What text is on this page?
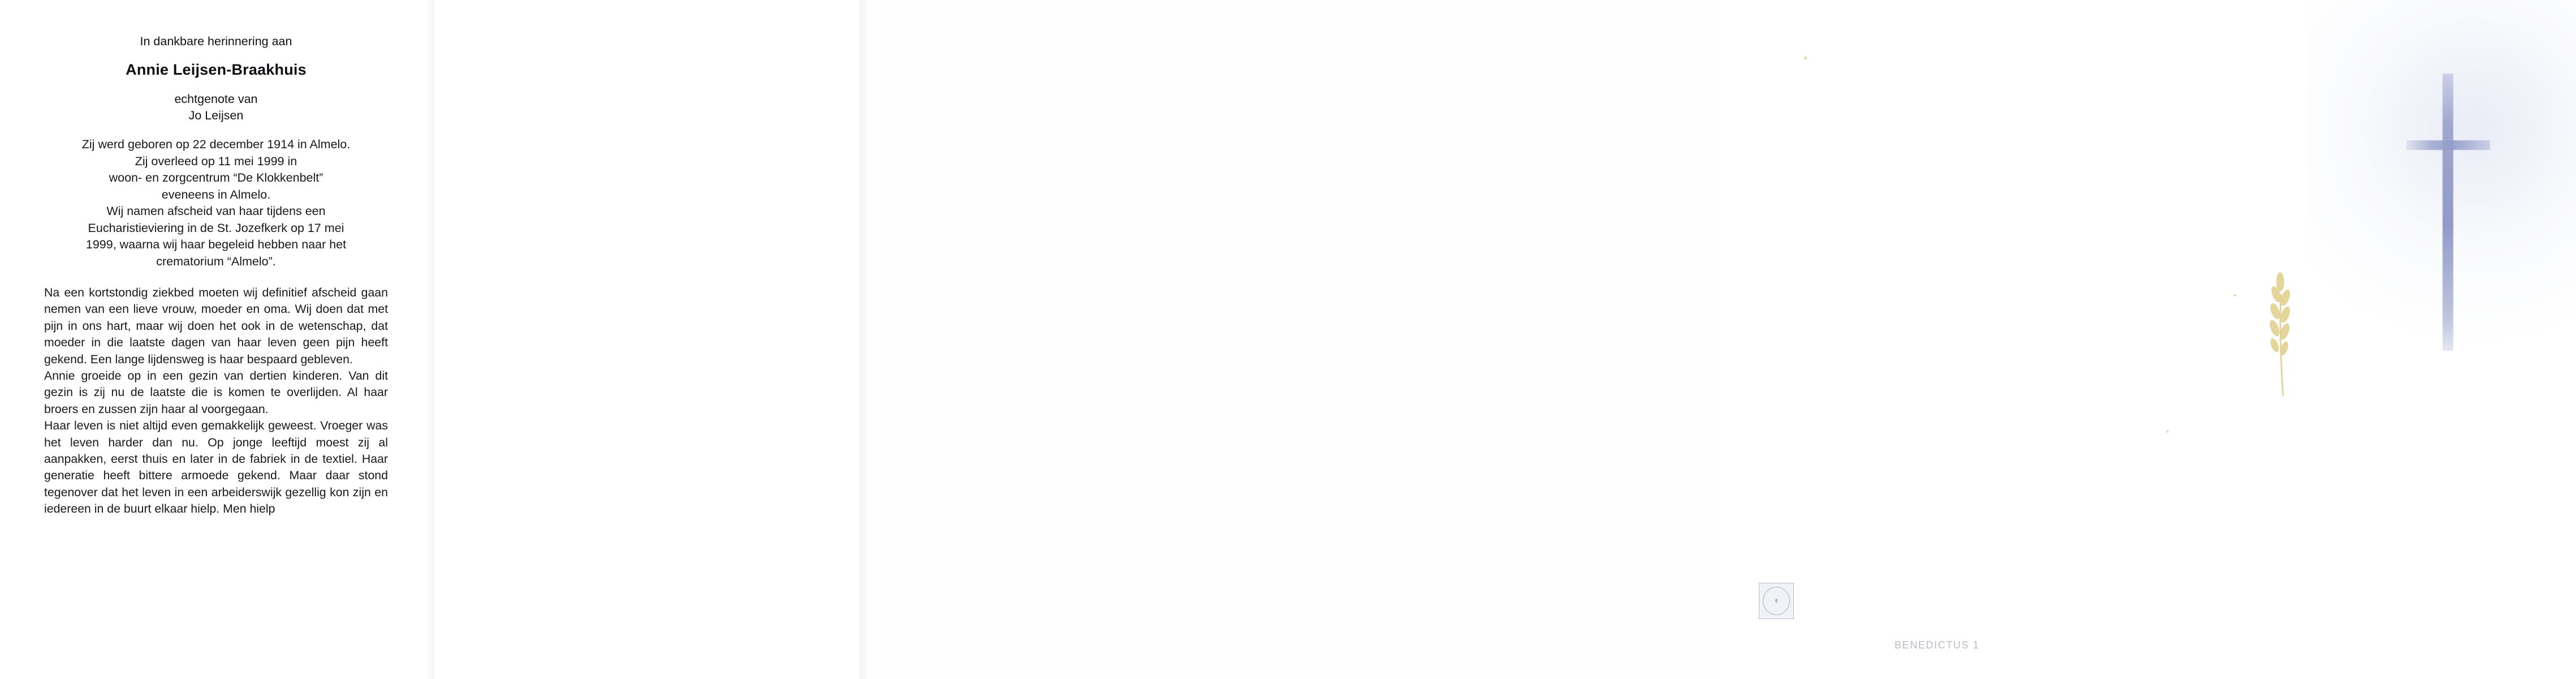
In dankbare herinnering aan
Annie Leijsen-Braakhuis
echtgenote van
Jo Leijsen
Zij werd geboren op 22 december 1914 in Almelo.
Zij overleed op 11 mei 1999 in
woon- en zorgcentrum “De Klokkenbelt”
eveneens in Almelo.
Wij namen afscheid van haar tijdens een
Eucharistieviering in de St. Jozefkerk op 17 mei
1999, waarna wij haar begeleid hebben naar het
crematorium “Almelo”.

Na een kortstondig ziekbed moeten wij definitief afscheid gaan nemen van een lieve vrouw, moeder en oma. Wij doen dat met pijn in ons hart, maar wij doen het ook in de wetenschap, dat moeder in die laatste dagen van haar leven geen pijn heeft gekend. Een lange lijdensweg is haar bespaard gebleven.

Annie groeide op in een gezin van dertien kinderen. Van dit gezin is zij nu de laatste die is komen te overlijden. Al haar broers en zussen zijn haar al voorgegaan.

Haar leven is niet altijd even gemakkelijk geweest. Vroeger was het leven harder dan nu. Op jonge leeftijd moest zij al aanpakken, eerst thuis en later in de fabriek in de textiel. Haar generatie heeft bittere armoede gekend. Maar daar stond tegenover dat het leven in een arbeiderswijk gezellig kon zijn en iedereen in de buurt elkaar hielp. Men hielp

✝
BENEDICTUS 1
